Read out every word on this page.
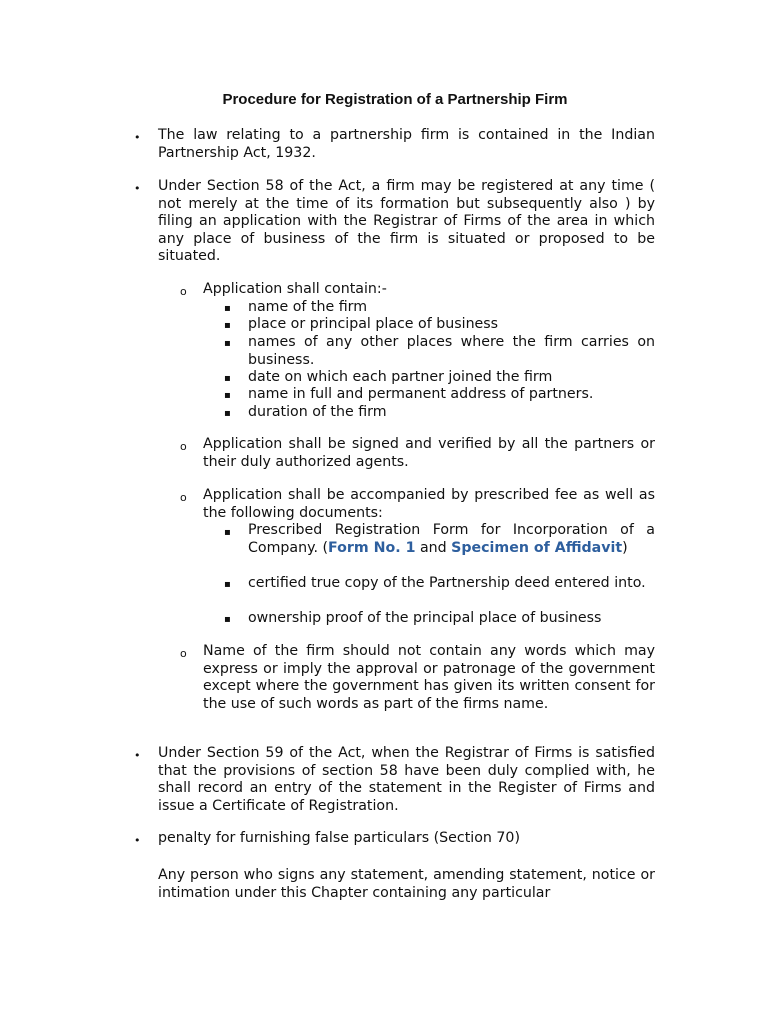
Procedure for Registration of a Partnership Firm
• The law relating to a partnership firm is contained in the Indian Partnership Act, 1932.
• Under Section 58 of the Act, a firm may be registered at any time ( not merely at the time of its formation but subsequently also ) by filing an application with the Registrar of Firms of the area in which any place of business of the firm is situated or proposed to be situated.
o Application shall contain:-
▪ name of the firm
▪ place or principal place of business
▪ names of any other places where the firm carries on business.
▪ date on which each partner joined the firm
▪ name in full and permanent address of partners.
▪ duration of the firm
o Application shall be signed and verified by all the partners or their duly authorized agents.
o Application shall be accompanied by prescribed fee as well as the following documents:
▪ Prescribed Registration Form for Incorporation of a Company. (Form No. 1 and Specimen of Affidavit)
▪ certified true copy of the Partnership deed entered into.
▪ ownership proof of the principal place of business
o Name of the firm should not contain any words which may express or imply the approval or patronage of the government except where the government has given its written consent for the use of such words as part of the firms name.
• Under Section 59 of the Act, when the Registrar of Firms is satisfied that the provisions of section 58 have been duly complied with, he shall record an entry of the statement in the Register of Firms and issue a Certificate of Registration.
• penalty for furnishing false particulars (Section 70)
Any person who signs any statement, amending statement, notice or intimation under this Chapter containing any particular
